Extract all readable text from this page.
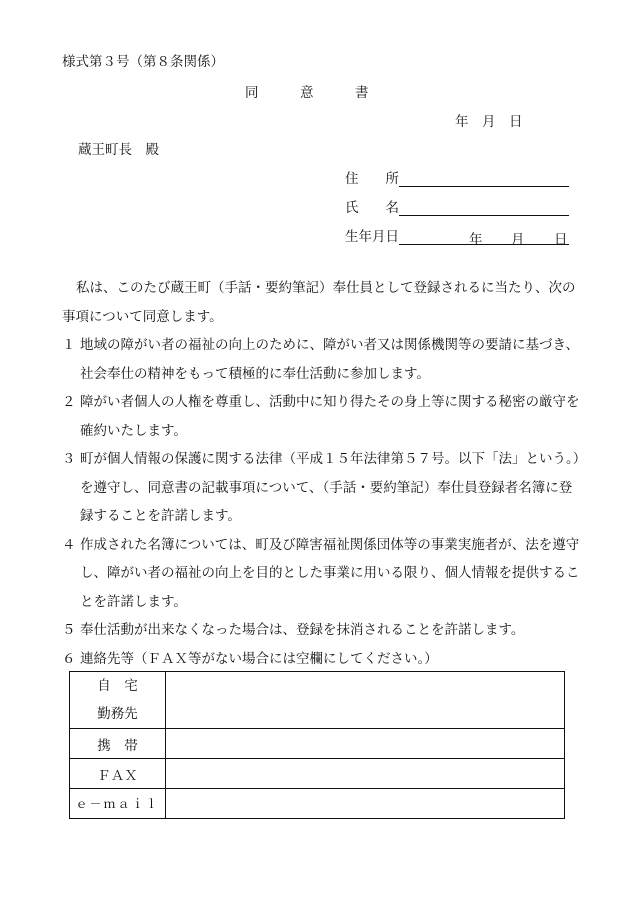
様式第３号（第８条関係）
同　意　書
年　月　日
蔵王町長　殿
住　　所
氏　　名
生年月日	年 月 日
私は、このたび蔵王町（手話・要約筆記）奉仕員として登録されるに当たり、次の事項について同意します。
１ 地域の障がい者の福祉の向上のために、障がい者又は関係機関等の要請に基づき、社会奉仕の精神をもって積極的に奉仕活動に参加します。
２ 障がい者個人の人権を尊重し、活動中に知り得たその身上等に関する秘密の厳守を確約いたします。
３ 町が個人情報の保護に関する法律（平成１５年法律第５７号。以下「法」という。）を遵守し、同意書の記載事項について、（手話・要約筆記）奉仕員登録者名簿に登録することを許諾します。
４ 作成された名簿については、町及び障害福祉関係団体等の事業実施者が、法を遵守し、障がい者の福祉の向上を目的とした事業に用いる限り、個人情報を提供することを許諾します。
５ 奉仕活動が出来なくなった場合は、登録を抹消されることを許諾します。
６ 連絡先等（ＦＡＸ等がない場合には空欄にしてください。）
自　宅
勤務先	

携　帯	
ＦＡＸ	
ｅ－ｍａｉｌ	
